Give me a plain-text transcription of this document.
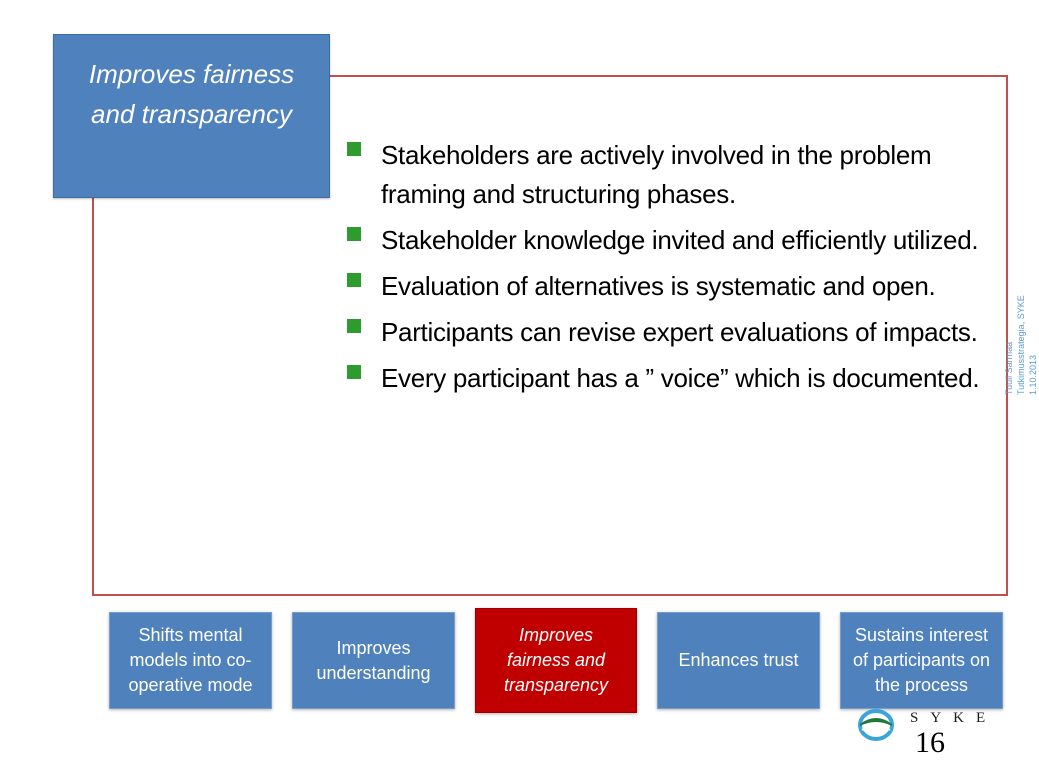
Improves fairness
and transparency
Stakeholders are actively involved in the problem framing and structuring phases.
Stakeholder knowledge invited and efficiently utilized.
Evaluation of alternatives is systematic and open.
Participants can revise expert evaluations of impacts.
Every participant has a ” voice” which is documented.	Tuuli Sarmaa Tutkimusstrategia, SYKE 1.10.2013
Shifts mental
models into co-
operative mode
Improves
understanding
Improves
fairness and
transparency
Enhances trust
Sustains interest
of participants on
the process
SYKE
16
